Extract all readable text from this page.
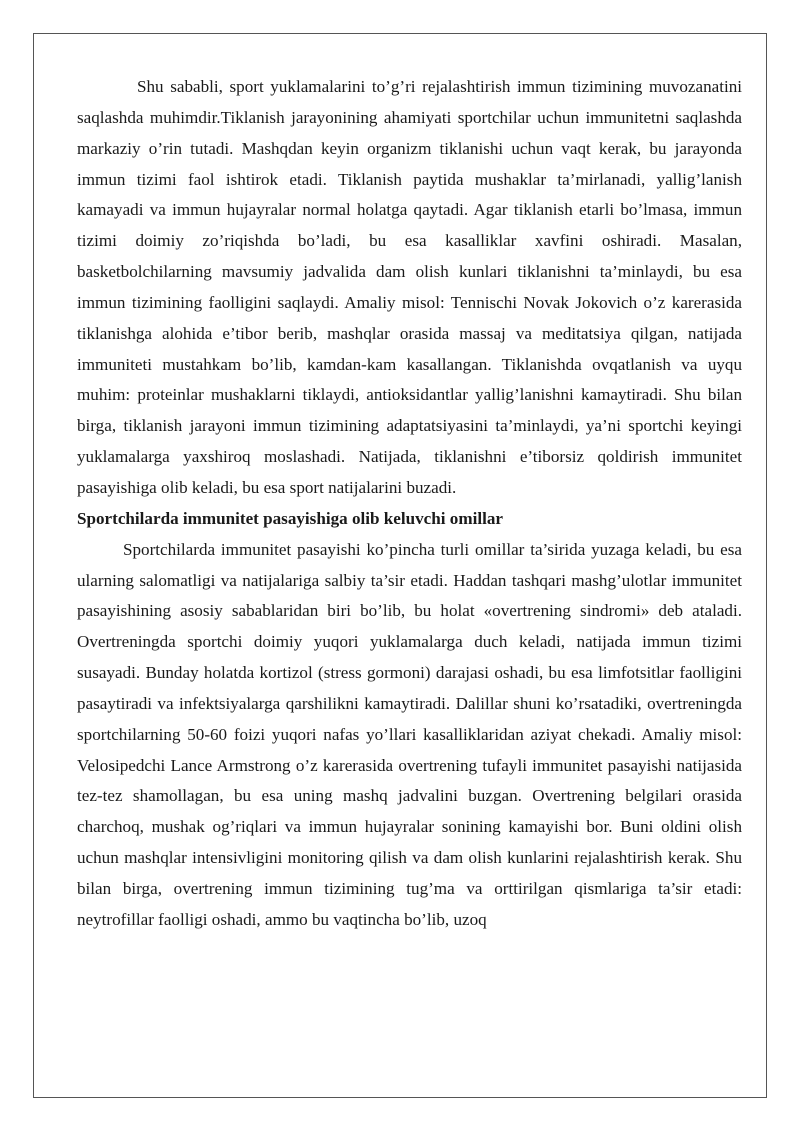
Shu sababli, sport yuklamalarini to’g’ri rejalashtirish immun tizimining muvozanatini saqlashda muhimdir.Tiklanish jarayonining ahamiyati sportchilar uchun immunitetni saqlashda markaziy o’rin tutadi. Mashqdan keyin organizm tiklanishi uchun vaqt kerak, bu jarayonda immun tizimi faol ishtirok etadi. Tiklanish paytida mushaklar ta’mirlanadi, yallig’lanish kamayadi va immun hujayralar normal holatga qaytadi. Agar tiklanish etarli bo’lmasa, immun tizimi doimiy zo’riqishda bo’ladi, bu esa kasalliklar xavfini oshiradi. Masalan, basketbolchilarning mavsumiy jadvalida dam olish kunlari tiklanishni ta’minlaydi, bu esa immun tizimining faolligini saqlaydi. Amaliy misol: Tennischi Novak Jokovich o’z karerasida tiklanishga alohida e’tibor berib, mashqlar orasida massaj va meditatsiya qilgan, natijada immuniteti mustahkam bo’lib, kamdan-kam kasallangan. Tiklanishda ovqatlanish va uyqu muhim: proteinlar mushaklarni tiklaydi, antioksidantlar yallig’lanishni kamaytiradi. Shu bilan birga, tiklanish jarayoni immun tizimining adaptatsiyasini ta’minlaydi, ya’ni sportchi keyingi yuklamalarga yaxshiroq moslashadi. Natijada, tiklanishni e’tiborsiz qoldirish immunitet pasayishiga olib keladi, bu esa sport natijalarini buzadi.

Sportchilarda immunitet pasayishiga olib keluvchi omillar

Sportchilarda immunitet pasayishi ko’pincha turli omillar ta’sirida yuzaga keladi, bu esa ularning salomatligi va natijalariga salbiy ta’sir etadi. Haddan tashqari mashg’ulotlar immunitet pasayishining asosiy sabablaridan biri bo’lib, bu holat «overtrening sindromi» deb ataladi. Overtreningda sportchi doimiy yuqori yuklamalarga duch keladi, natijada immun tizimi susayadi. Bunday holatda kortizol (stress gormoni) darajasi oshadi, bu esa limfotsitlar faolligini pasaytiradi va infektsiyalarga qarshilikni kamaytiradi. Dalillar shuni ko’rsatadiki, overtreningda sportchilarning 50-60 foizi yuqori nafas yo’llari kasalliklaridan aziyat chekadi. Amaliy misol: Velosipedchi Lance Armstrong o’z karerasida overtrening tufayli immunitet pasayishi natijasida tez-tez shamollagan, bu esa uning mashq jadvalini buzgan. Overtrening belgilari orasida charchoq, mushak og’riqlari va immun hujayralar sonining kamayishi bor. Buni oldini olish uchun mashqlar intensivligini monitoring qilish va dam olish kunlarini rejalashtirish kerak. Shu bilan birga, overtrening immun tizimining tug’ma va orttirilgan qismlariga ta’sir etadi: neytrofillar faolligi oshadi, ammo bu vaqtincha bo’lib, uzoq
